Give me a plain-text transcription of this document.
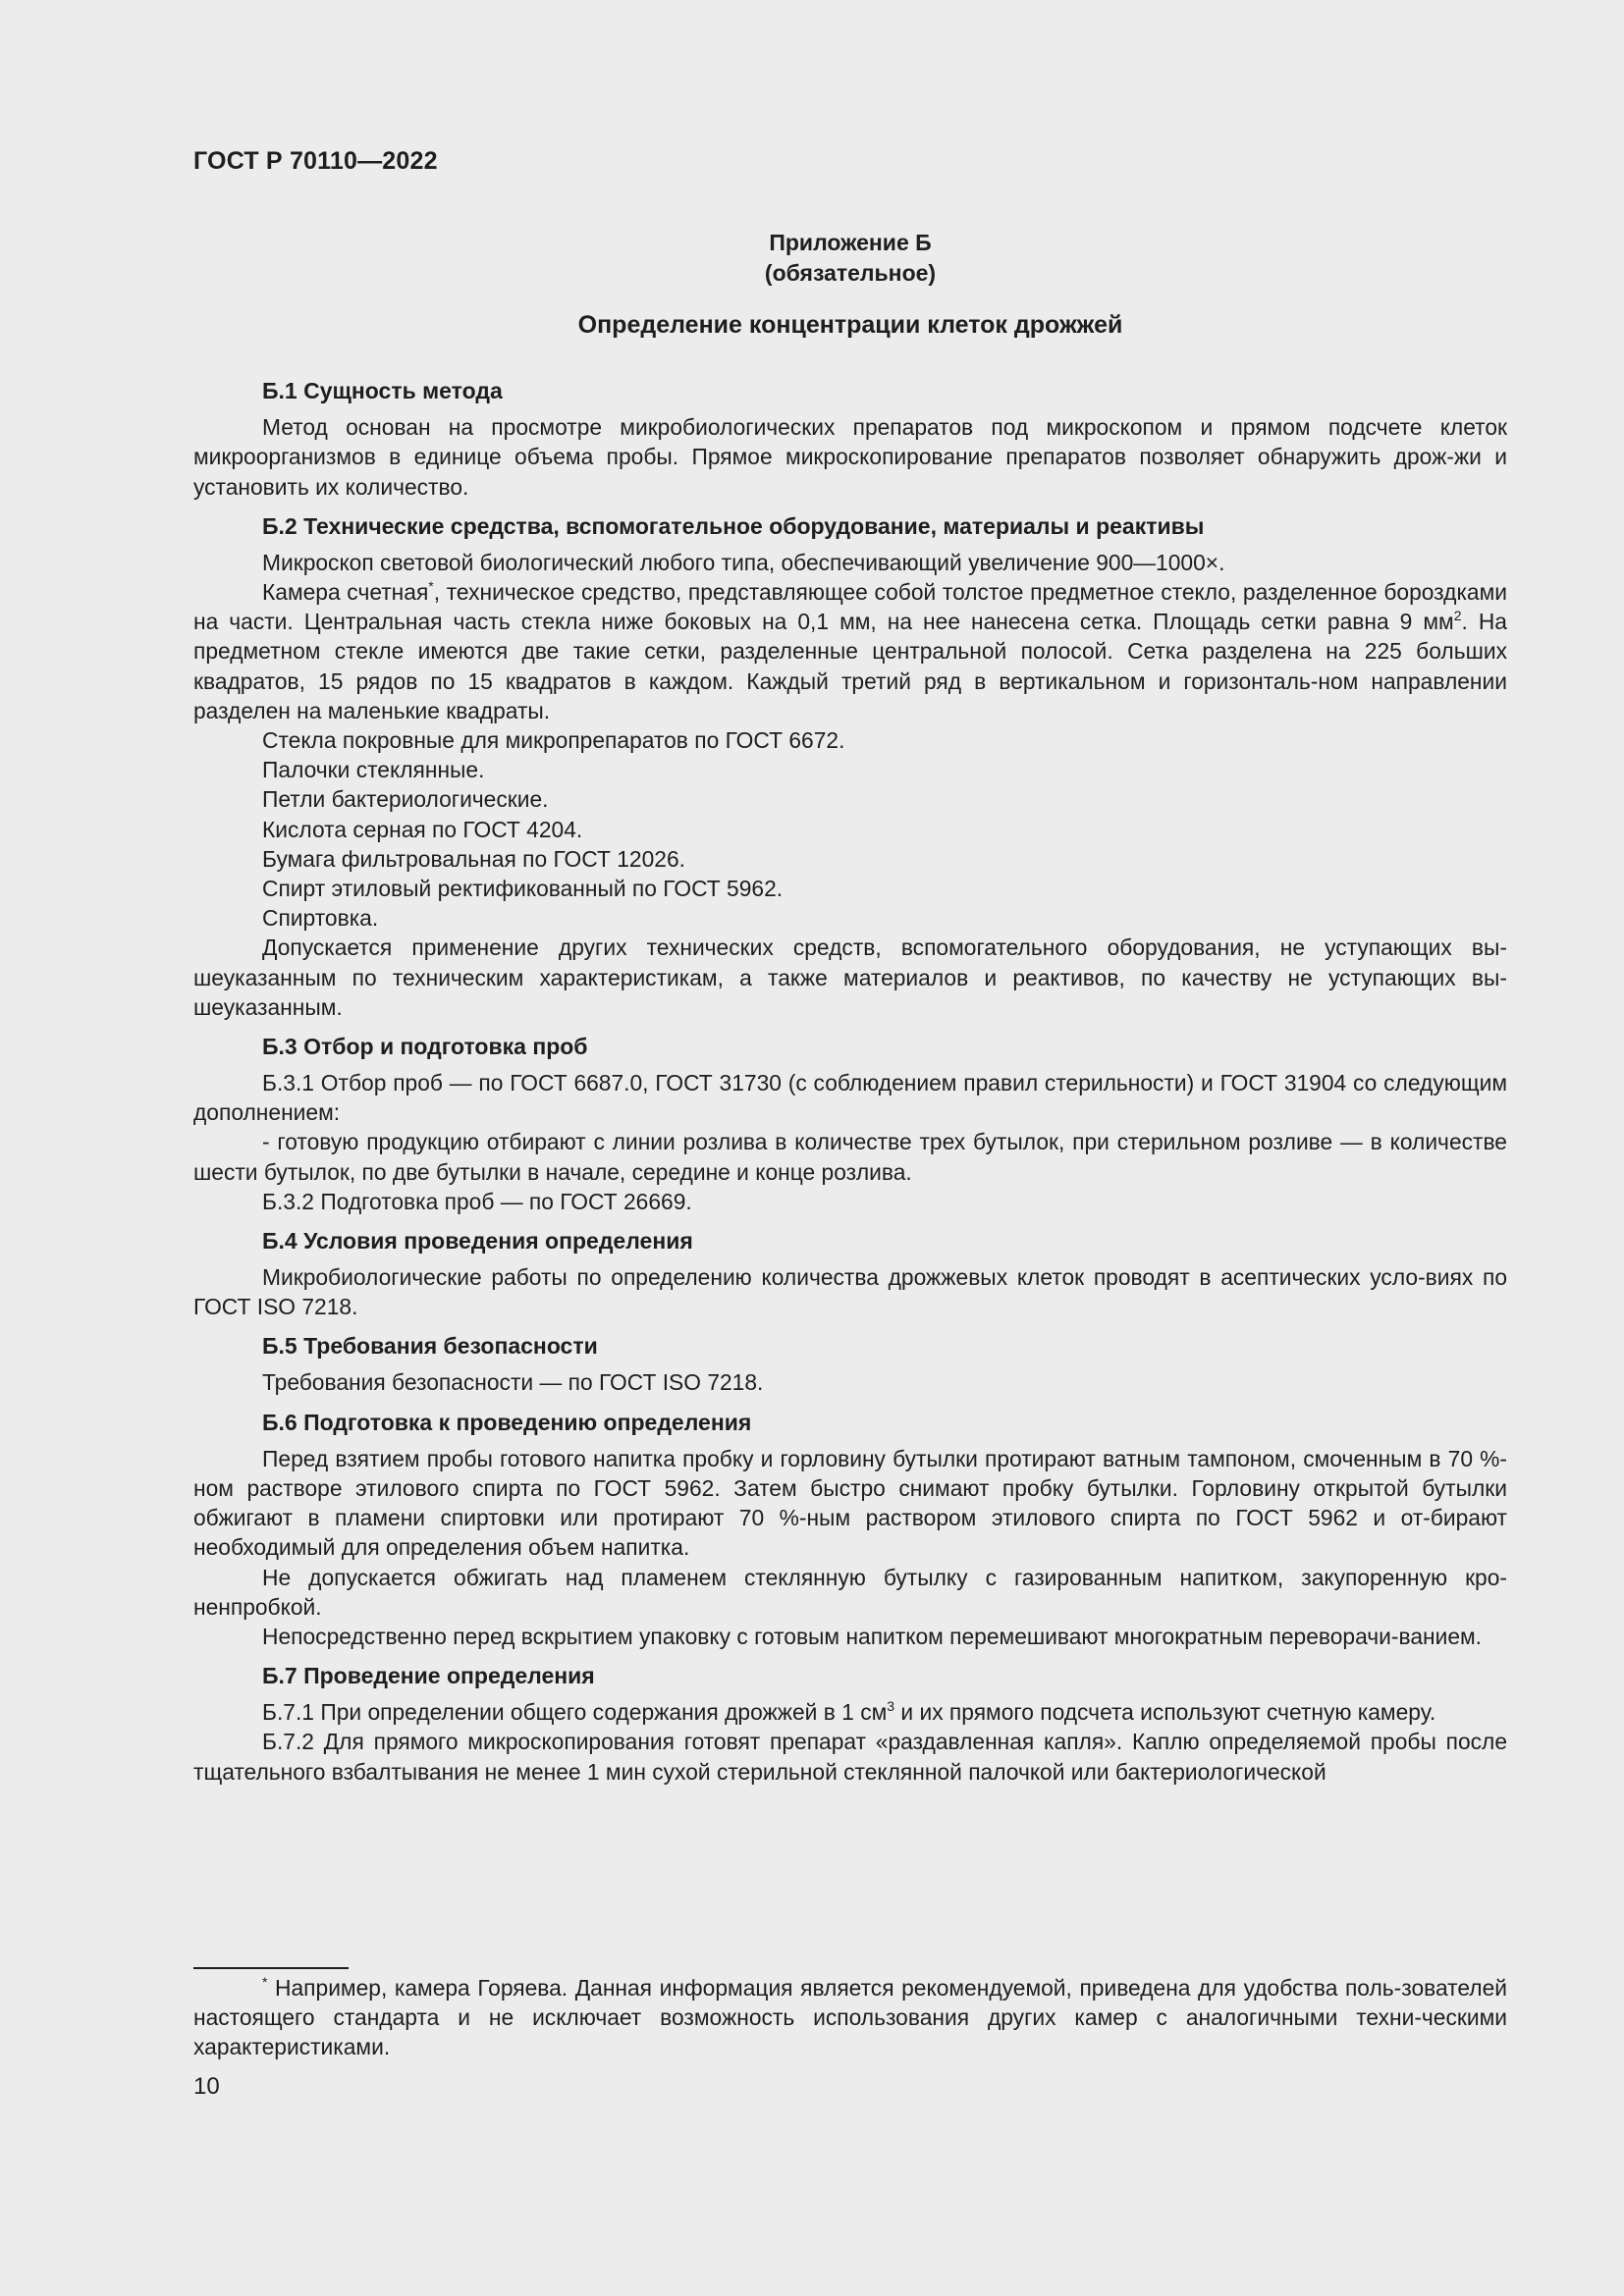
ГОСТ Р 70110—2022
Приложение Б
(обязательное)
Определение концентрации клеток дрожжей
Б.1 Сущность метода

Метод основан на просмотре микробиологических препаратов под микроскопом и прямом подсчете клеток микроорганизмов в единице объема пробы. Прямое микроскопирование препаратов позволяет обнаружить дрож-жи и установить их количество.

Б.2 Технические средства, вспомогательное оборудование, материалы и реактивы

Микроскоп световой биологический любого типа, обеспечивающий увеличение 900—1000×.

Камера счетная*, техническое средство, представляющее собой толстое предметное стекло, разделенное бороздками на части. Центральная часть стекла ниже боковых на 0,1 мм, на нее нанесена сетка. Площадь сетки равна 9 $мм^2$. На предметном стекле имеются две такие сетки, разделенные центральной полосой. Сетка разделена на 225 больших квадратов, 15 рядов по 15 квадратов в каждом. Каждый третий ряд в вертикальном и горизонталь-ном направлении разделен на маленькие квадраты.

Стекла покровные для микропрепаратов по ГОСТ 6672.

Палочки стеклянные.

Петли бактериологические.

Кислота серная по ГОСТ 4204.

Бумага фильтровальная по ГОСТ 12026.

Спирт этиловый ректификованный по ГОСТ 5962.

Спиртовка.

Допускается применение других технических средств, вспомогательного оборудования, не уступающих вы-шеуказанным по техническим характеристикам, а также материалов и реактивов, по качеству не уступающих вы-шеуказанным.

Б.3 Отбор и подготовка проб

Б.3.1 Отбор проб — по ГОСТ 6687.0, ГОСТ 31730 (с соблюдением правил стерильности) и ГОСТ 31904 со следующим дополнением:

- готовую продукцию отбирают с линии розлива в количестве трех бутылок, при стерильном розливе — в количестве шести бутылок, по две бутылки в начале, середине и конце розлива.

Б.3.2 Подготовка проб — по ГОСТ 26669.

Б.4 Условия проведения определения

Микробиологические работы по определению количества дрожжевых клеток проводят в асептических усло-виях по ГОСТ ISO 7218.

Б.5 Требования безопасности

Требования безопасности — по ГОСТ ISO 7218.

Б.6 Подготовка к проведению определения

Перед взятием пробы готового напитка пробку и горловину бутылки протирают ватным тампоном, смоченным в 70 %-ном растворе этилового спирта по ГОСТ 5962. Затем быстро снимают пробку бутылки. Горловину открытой бутылки обжигают в пламени спиртовки или протирают 70 %-ным раствором этилового спирта по ГОСТ 5962 и от-бирают необходимый для определения объем напитка.

Не допускается обжигать над пламенем стеклянную бутылку с газированным напитком, закупоренную кро-ненпробкой.

Непосредственно перед вскрытием упаковку с готовым напитком перемешивают многократным переворачи-ванием.

Б.7 Проведение определения

Б.7.1 При определении общего содержания дрожжей в 1 $см^3$ и их прямого подсчета используют счетную камеру.

Б.7.2 Для прямого микроскопирования готовят препарат «раздавленная капля». Каплю определяемой пробы после тщательного взбалтывания не менее 1 мин сухой стерильной стеклянной палочкой или бактериологической

* Например, камера Горяева. Данная информация является рекомендуемой, приведена для удобства поль-зователей настоящего стандарта и не исключает возможность использования других камер с аналогичными техни-ческими характеристиками.

10
